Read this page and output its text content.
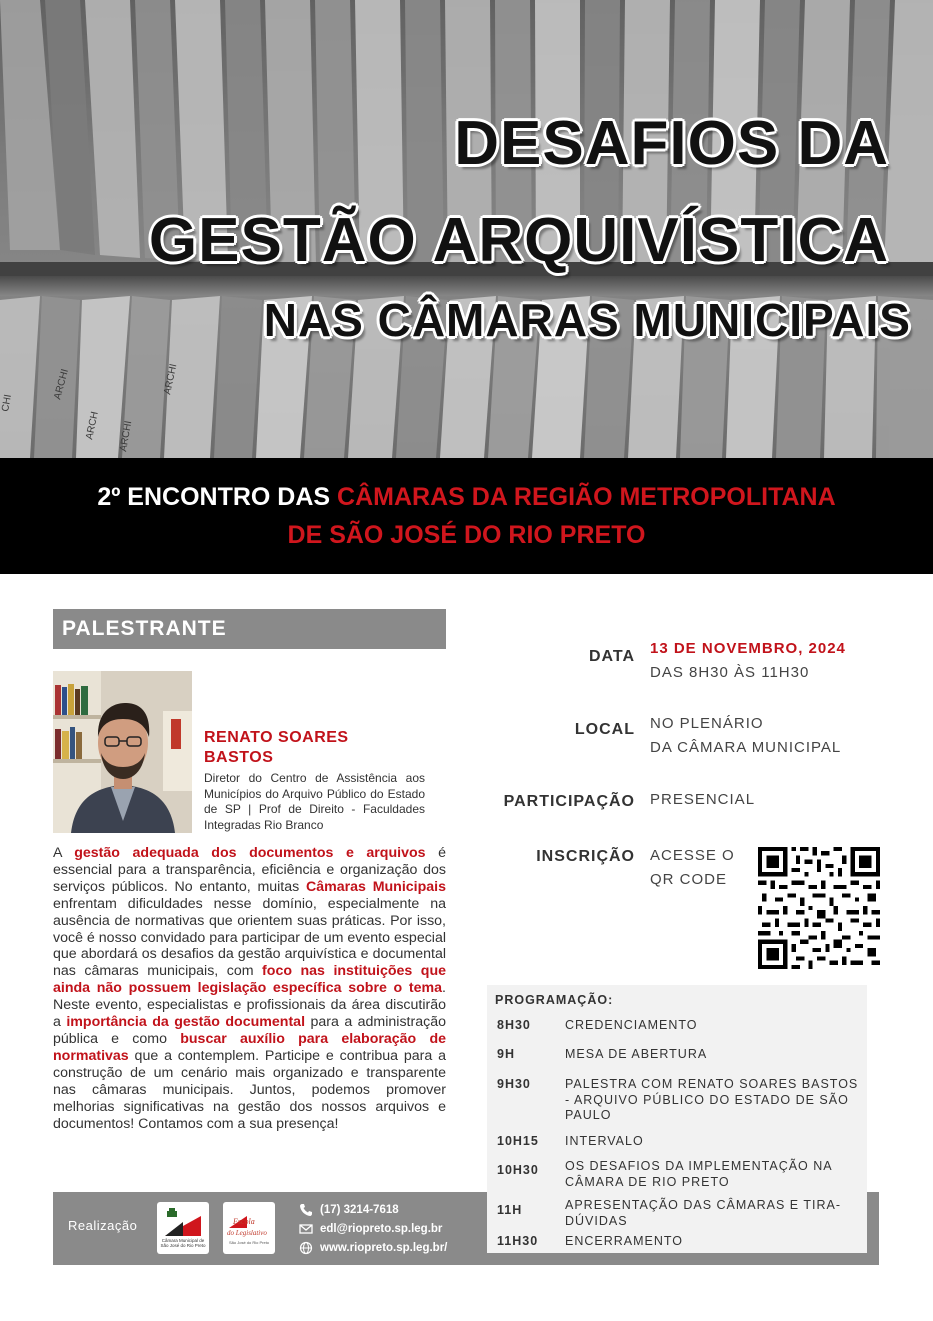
DESAFIOS DA
GESTÃO ARQUIVÍSTICA
NAS CÂMARAS MUNICIPAIS
2º ENCONTRO DAS CÂMARAS DA REGIÃO METROPOLITANA
DE SÃO JOSÉ DO RIO PRETO
PALESTRANTE
RENATO SOARES
BASTOS
Diretor do Centro de Assistência aos Municípios do Arquivo Público do Estado de SP | Prof de Direito - Faculdades Integradas Rio Branco
A gestão adequada dos documentos e arquivos é essencial para a transparência, eficiência e organização dos serviços públicos. No entanto, muitas Câmaras Municipais enfrentam dificuldades nesse domínio, especialmente na ausência de normativas que orientem suas práticas. Por isso, você é nosso convidado para participar de um evento especial que abordará os desafios da gestão arquivística e documental nas câmaras municipais, com foco nas instituições que ainda não possuem legislação específica sobre o tema. Neste evento, especialistas e profissionais da área discutirão a importância da gestão documental para a administração pública e como buscar auxílio para elaboração de normativas que a contemplem. Participe e contribua para a construção de um cenário mais organizado e transparente nas câmaras municipais. Juntos, podemos promover melhorias significativas na gestão dos nossos arquivos e documentos! Contamos com a sua presença!
DATA 13 DE NOVEMBRO, 2024
DAS 8H30 ÀS 11H30
LOCAL NO PLENÁRIO
DA CÂMARA MUNICIPAL
PARTICIPAÇÃO PRESENCIAL
INSCRIÇÃO ACESSE O
QR CODE
Realização
Câmara Municipal de São José do Rio Preto
Escola
do Legislativo
São José do Rio Preto
(17) 3214-7618
edl@riopreto.sp.leg.br
www.riopreto.sp.leg.br/
PROGRAMAÇÃO:
8H30	CREDENCIAMENTO
9H	MESA DE ABERTURA
9H30	PALESTRA COM RENATO SOARES BASTOS - ARQUIVO PÚBLICO DO ESTADO DE SÃO PAULO
10H15 INTERVALO
10H30 OS DESAFIOS DA IMPLEMENTAÇÃO NA CÂMARA DE RIO PRETO
11H	APRESENTAÇÃO DAS CÂMARAS E TIRA-DÚVIDAS
11H30 ENCERRAMENTO
